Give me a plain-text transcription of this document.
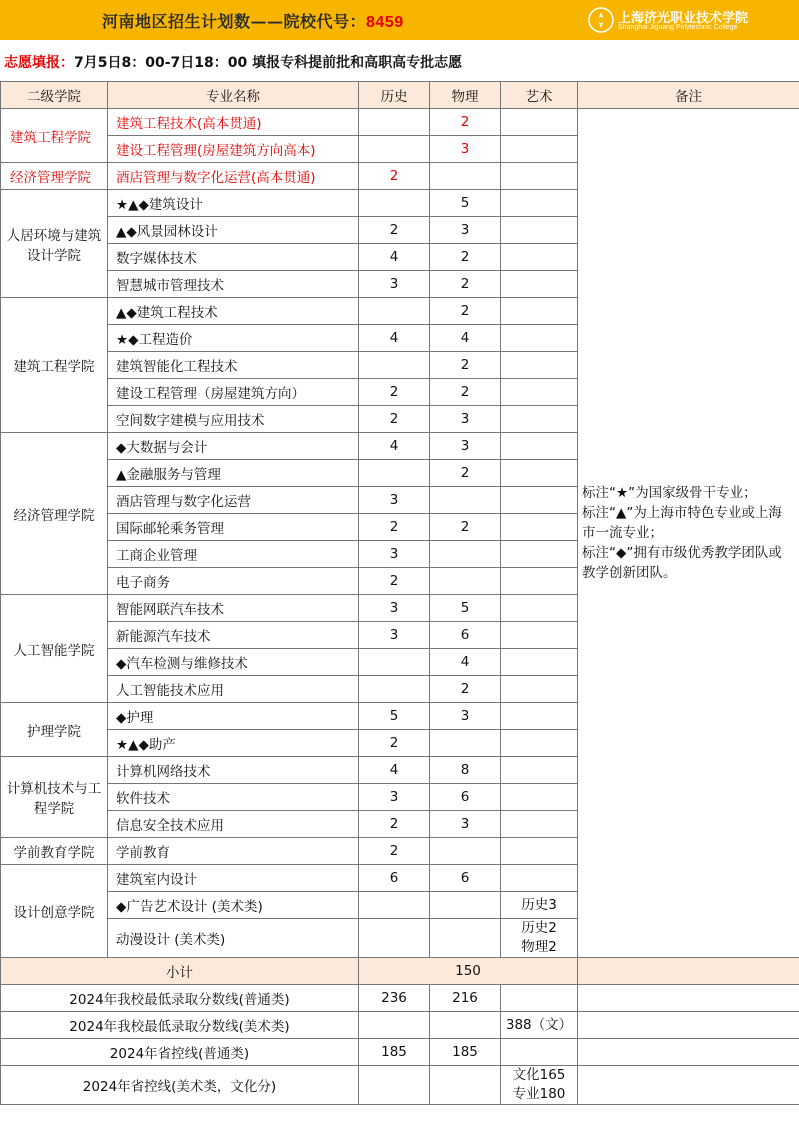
河南地区招生计划数——院校代号：8459	上海济光职业技术学院
Shanghai Jiguang Polytechnic College
志愿填报： 7月5日8：00-7日18：00 填报专科提前批和高职高专批志愿
二级学院	专业名称	历史	物理	艺术	备注
建筑工程学院	建筑工程技术(高本贯通)		2		标注“★”为国家级骨干专业；
标注“▲”为上海市特色专业或上海市一流专业；
标注“◆”拥有市级优秀教学团队或教学创新团队。
	建设工程管理(房屋建筑方向高本)		3		
经济管理学院	酒店管理与数字化运营(高本贯通)	2			
人居环境与建筑设计学院	★▲◆建筑设计		5		
	▲◆风景园林设计	2	3		
	数字媒体技术	4	2		
	智慧城市管理技术	3	2		
建筑工程学院	▲◆建筑工程技术		2		
	★◆工程造价	4	4		
	建筑智能化工程技术		2		
	建设工程管理（房屋建筑方向）	2	2		
	空间数字建模与应用技术	2	3		
经济管理学院	◆大数据与会计	4	3		
	▲金融服务与管理		2		
	酒店管理与数字化运营	3			
	国际邮轮乘务管理	2	2		
	工商企业管理	3			
	电子商务	2			
人工智能学院	智能网联汽车技术	3	5		
	新能源汽车技术	3	6		
	◆汽车检测与维修技术		4		
	人工智能技术应用		2		
护理学院	◆护理	5	3		
	★▲◆助产	2			
计算机技术与工程学院	计算机网络技术	4	8		
	软件技术	3	6		
	信息安全技术应用	2	3		
学前教育学院	学前教育	2			
设计创意学院	建筑室内设计	6	6		
	◆广告艺术设计 (美术类)			历史3	
	动漫设计 (美术类)			历史2
物理2	
小计		150			
2024年我校最低录取分数线(普通类)		236	216		
2024年我校最低录取分数线(美术类)				388（文）	
2024年省控线(普通类)		185	185		
2024年省控线(美术类，文化分)				文化165
专业180	
